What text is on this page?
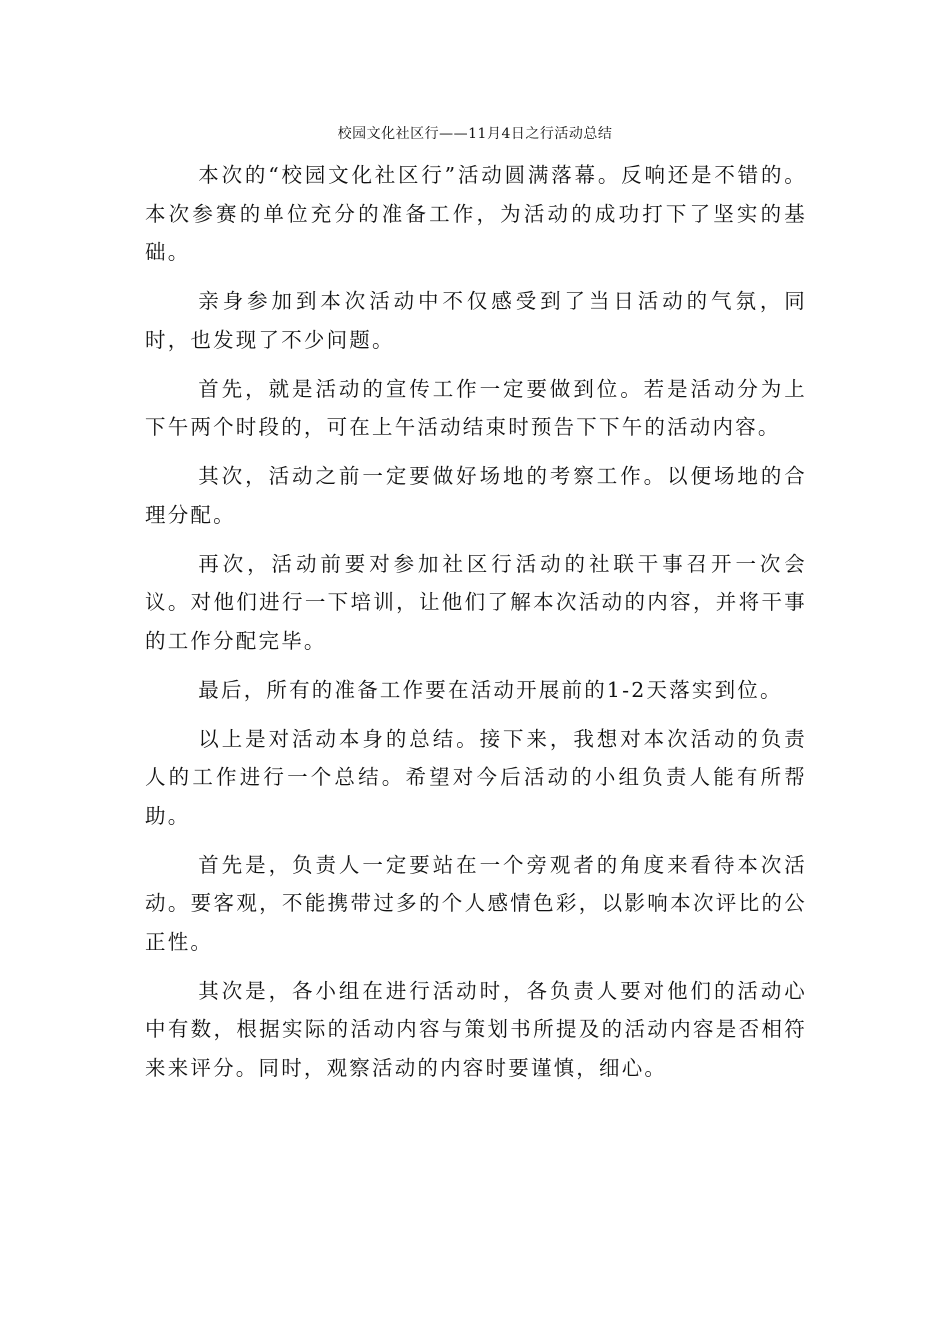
校园文化社区行——11月4日之行活动总结

本次的“校园文化社区行”活动圆满落幕。反响还是不错的。本次参赛的单位充分的准备工作，为活动的成功打下了坚实的基础。

亲身参加到本次活动中不仅感受到了当日活动的气氛，同时，也发现了不少问题。

首先，就是活动的宣传工作一定要做到位。若是活动分为上下午两个时段的，可在上午活动结束时预告下下午的活动内容。

其次，活动之前一定要做好场地的考察工作。以便场地的合理分配。

再次，活动前要对参加社区行活动的社联干事召开一次会议。对他们进行一下培训，让他们了解本次活动的内容，并将干事的工作分配完毕。

最后，所有的准备工作要在活动开展前的1-2天落实到位。

以上是对活动本身的总结。接下来，我想对本次活动的负责人的工作进行一个总结。希望对今后活动的小组负责人能有所帮助。

首先是，负责人一定要站在一个旁观者的角度来看待本次活动。要客观，不能携带过多的个人感情色彩，以影响本次评比的公正性。

其次是，各小组在进行活动时，各负责人要对他们的活动心中有数，根据实际的活动内容与策划书所提及的活动内容是否相符来来评分。同时，观察活动的内容时要谨慎，细心。
